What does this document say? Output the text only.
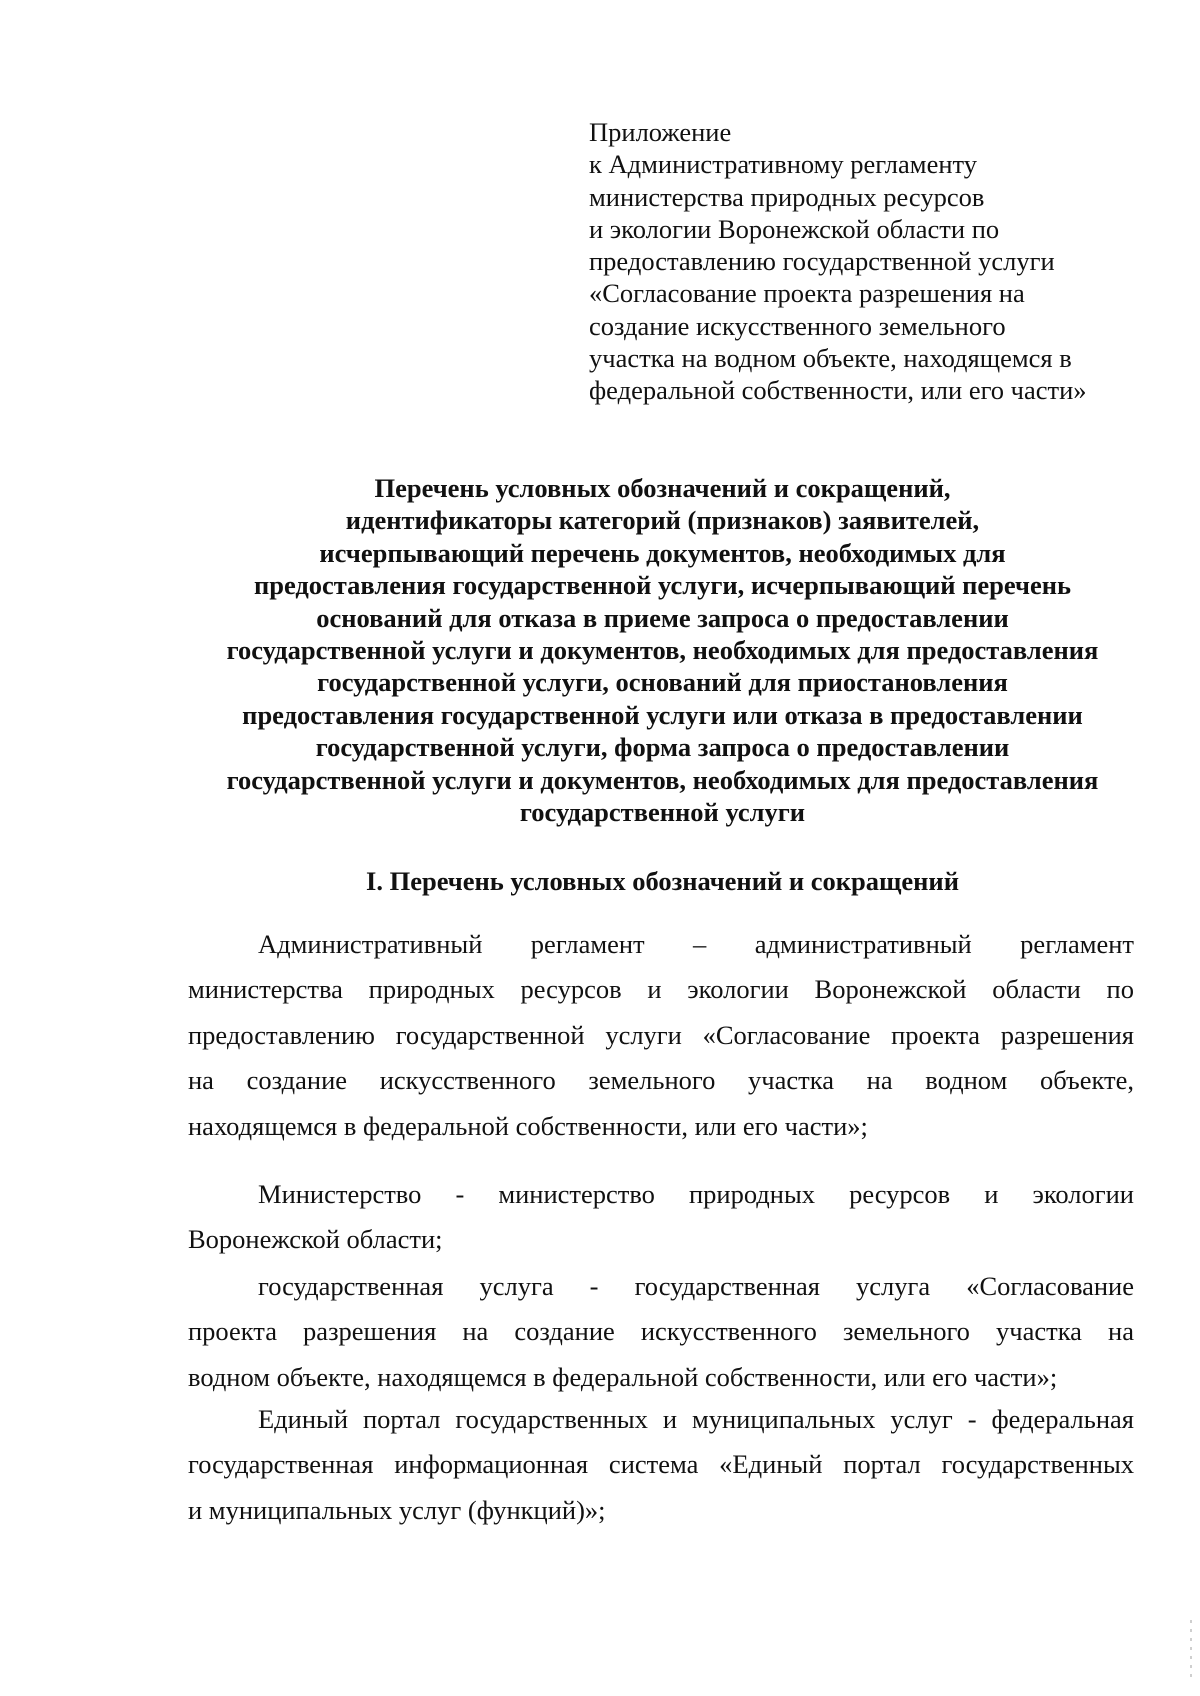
Приложение
к Административному регламенту
министерства природных ресурсов
и экологии Воронежской области по
предоставлению государственной услуги
«Согласование проекта разрешения на
создание искусственного земельного
участка на водном объекте, находящемся в
федеральной собственности, или его части»
Перечень условных обозначений и сокращений,
идентификаторы категорий (признаков) заявителей,
исчерпывающий перечень документов, необходимых для
предоставления государственной услуги, исчерпывающий перечень
оснований для отказа в приеме запроса о предоставлении
государственной услуги и документов, необходимых для предоставления
государственной услуги, оснований для приостановления
предоставления государственной услуги или отказа в предоставлении
государственной услуги, форма запроса о предоставлении
государственной услуги и документов, необходимых для предоставления
государственной услуги
I. Перечень условных обозначений и сокращений
Административный регламент – административный регламент
министерства природных ресурсов и экологии Воронежской области по
предоставлению государственной услуги «Согласование проекта разрешения
на создание искусственного земельного участка на водном объекте,
находящемся в федеральной собственности, или его части»;
Министерство - министерство природных ресурсов и экологии
Воронежской области;
государственная услуга - государственная услуга «Согласование
проекта разрешения на создание искусственного земельного участка на
водном объекте, находящемся в федеральной собственности, или его части»;
Единый портал государственных и муниципальных услуг - федеральная
государственная информационная система «Единый портал государственных
и муниципальных услуг (функций)»;
